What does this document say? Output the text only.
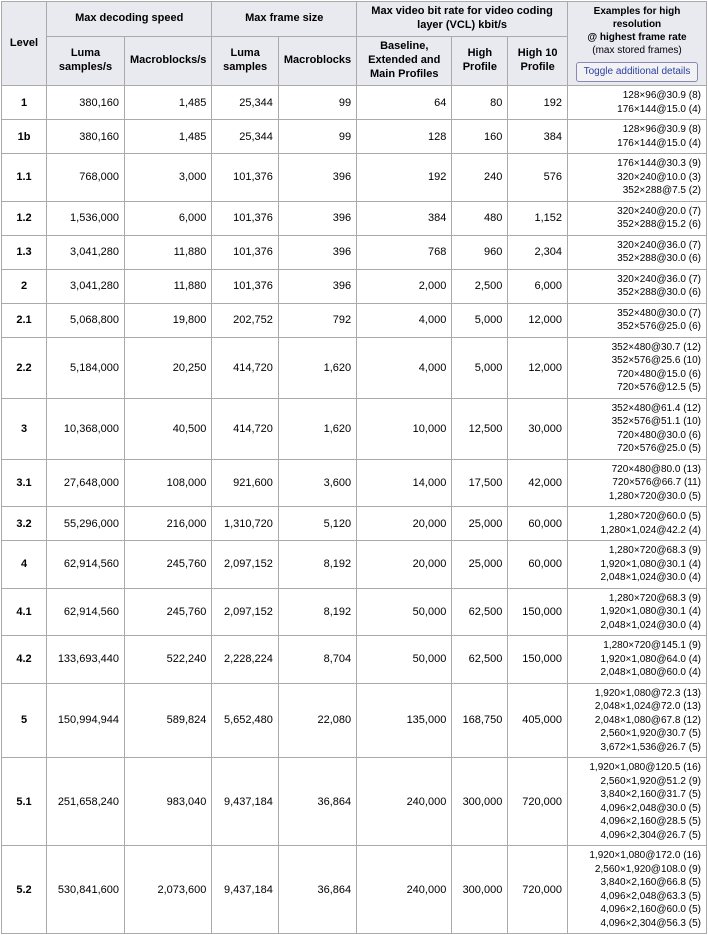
Level	Max decoding speed		Max frame size		Max video bit rate for video coding layer (VCL) kbit/s			Examples for high resolution
@ highest frame rate
(max stored frames)
Toggle additional details
	Luma samples/s	Macroblocks/s	Luma samples	Macroblocks	Baseline, Extended and Main Profiles	High Profile	High 10 Profile	
1	380,160	1,485	25,344	99	64	80	192	128×96@30.9 (8)
176×144@15.0 (4)

1b	380,160	1,485	25,344	99	128	160	384	128×96@30.9 (8)
176×144@15.0 (4)

1.1	768,000	3,000	101,376	396	192	240	576	176×144@30.3 (9)
320×240@10.0 (3)
352×288@7.5 (2)

1.2	1,536,000	6,000	101,376	396	384	480	1,152	320×240@20.0 (7)
352×288@15.2 (6)

1.3	3,041,280	11,880	101,376	396	768	960	2,304	320×240@36.0 (7)
352×288@30.0 (6)

2	3,041,280	11,880	101,376	396	2,000	2,500	6,000	320×240@36.0 (7)
352×288@30.0 (6)

2.1	5,068,800	19,800	202,752	792	4,000	5,000	12,000	352×480@30.0 (7)
352×576@25.0 (6)

2.2	5,184,000	20,250	414,720	1,620	4,000	5,000	12,000	352×480@30.7 (12)
352×576@25.6 (10)
720×480@15.0 (6)
720×576@12.5 (5)

3	10,368,000	40,500	414,720	1,620	10,000	12,500	30,000	352×480@61.4 (12)
352×576@51.1 (10)
720×480@30.0 (6)
720×576@25.0 (5)

3.1	27,648,000	108,000	921,600	3,600	14,000	17,500	42,000	720×480@80.0 (13)
720×576@66.7 (11)
1,280×720@30.0 (5)

3.2	55,296,000	216,000	1,310,720	5,120	20,000	25,000	60,000	1,280×720@60.0 (5)
1,280×1,024@42.2 (4)

4	62,914,560	245,760	2,097,152	8,192	20,000	25,000	60,000	1,280×720@68.3 (9)
1,920×1,080@30.1 (4)
2,048×1,024@30.0 (4)

4.1	62,914,560	245,760	2,097,152	8,192	50,000	62,500	150,000	1,280×720@68.3 (9)
1,920×1,080@30.1 (4)
2,048×1,024@30.0 (4)

4.2	133,693,440	522,240	2,228,224	8,704	50,000	62,500	150,000	1,280×720@145.1 (9)
1,920×1,080@64.0 (4)
2,048×1,080@60.0 (4)

5	150,994,944	589,824	5,652,480	22,080	135,000	168,750	405,000	1,920×1,080@72.3 (13)
2,048×1,024@72.0 (13)
2,048×1,080@67.8 (12)
2,560×1,920@30.7 (5)
3,672×1,536@26.7 (5)

5.1	251,658,240	983,040	9,437,184	36,864	240,000	300,000	720,000	
1,920×1,080@120.5 (16)
2,560×1,920@51.2 (9)
3,840×2,160@31.7 (5)
4,096×2,048@30.0 (5)
4,096×2,160@28.5 (5)
4,096×2,304@26.7 (5)

5.2	530,841,600	2,073,600	9,437,184	36,864	240,000	300,000	720,000	
1,920×1,080@172.0 (16)
2,560×1,920@108.0 (9)
3,840×2,160@66.8 (5)
4,096×2,048@63.3 (5)
4,096×2,160@60.0 (5)
4,096×2,304@56.3 (5)
